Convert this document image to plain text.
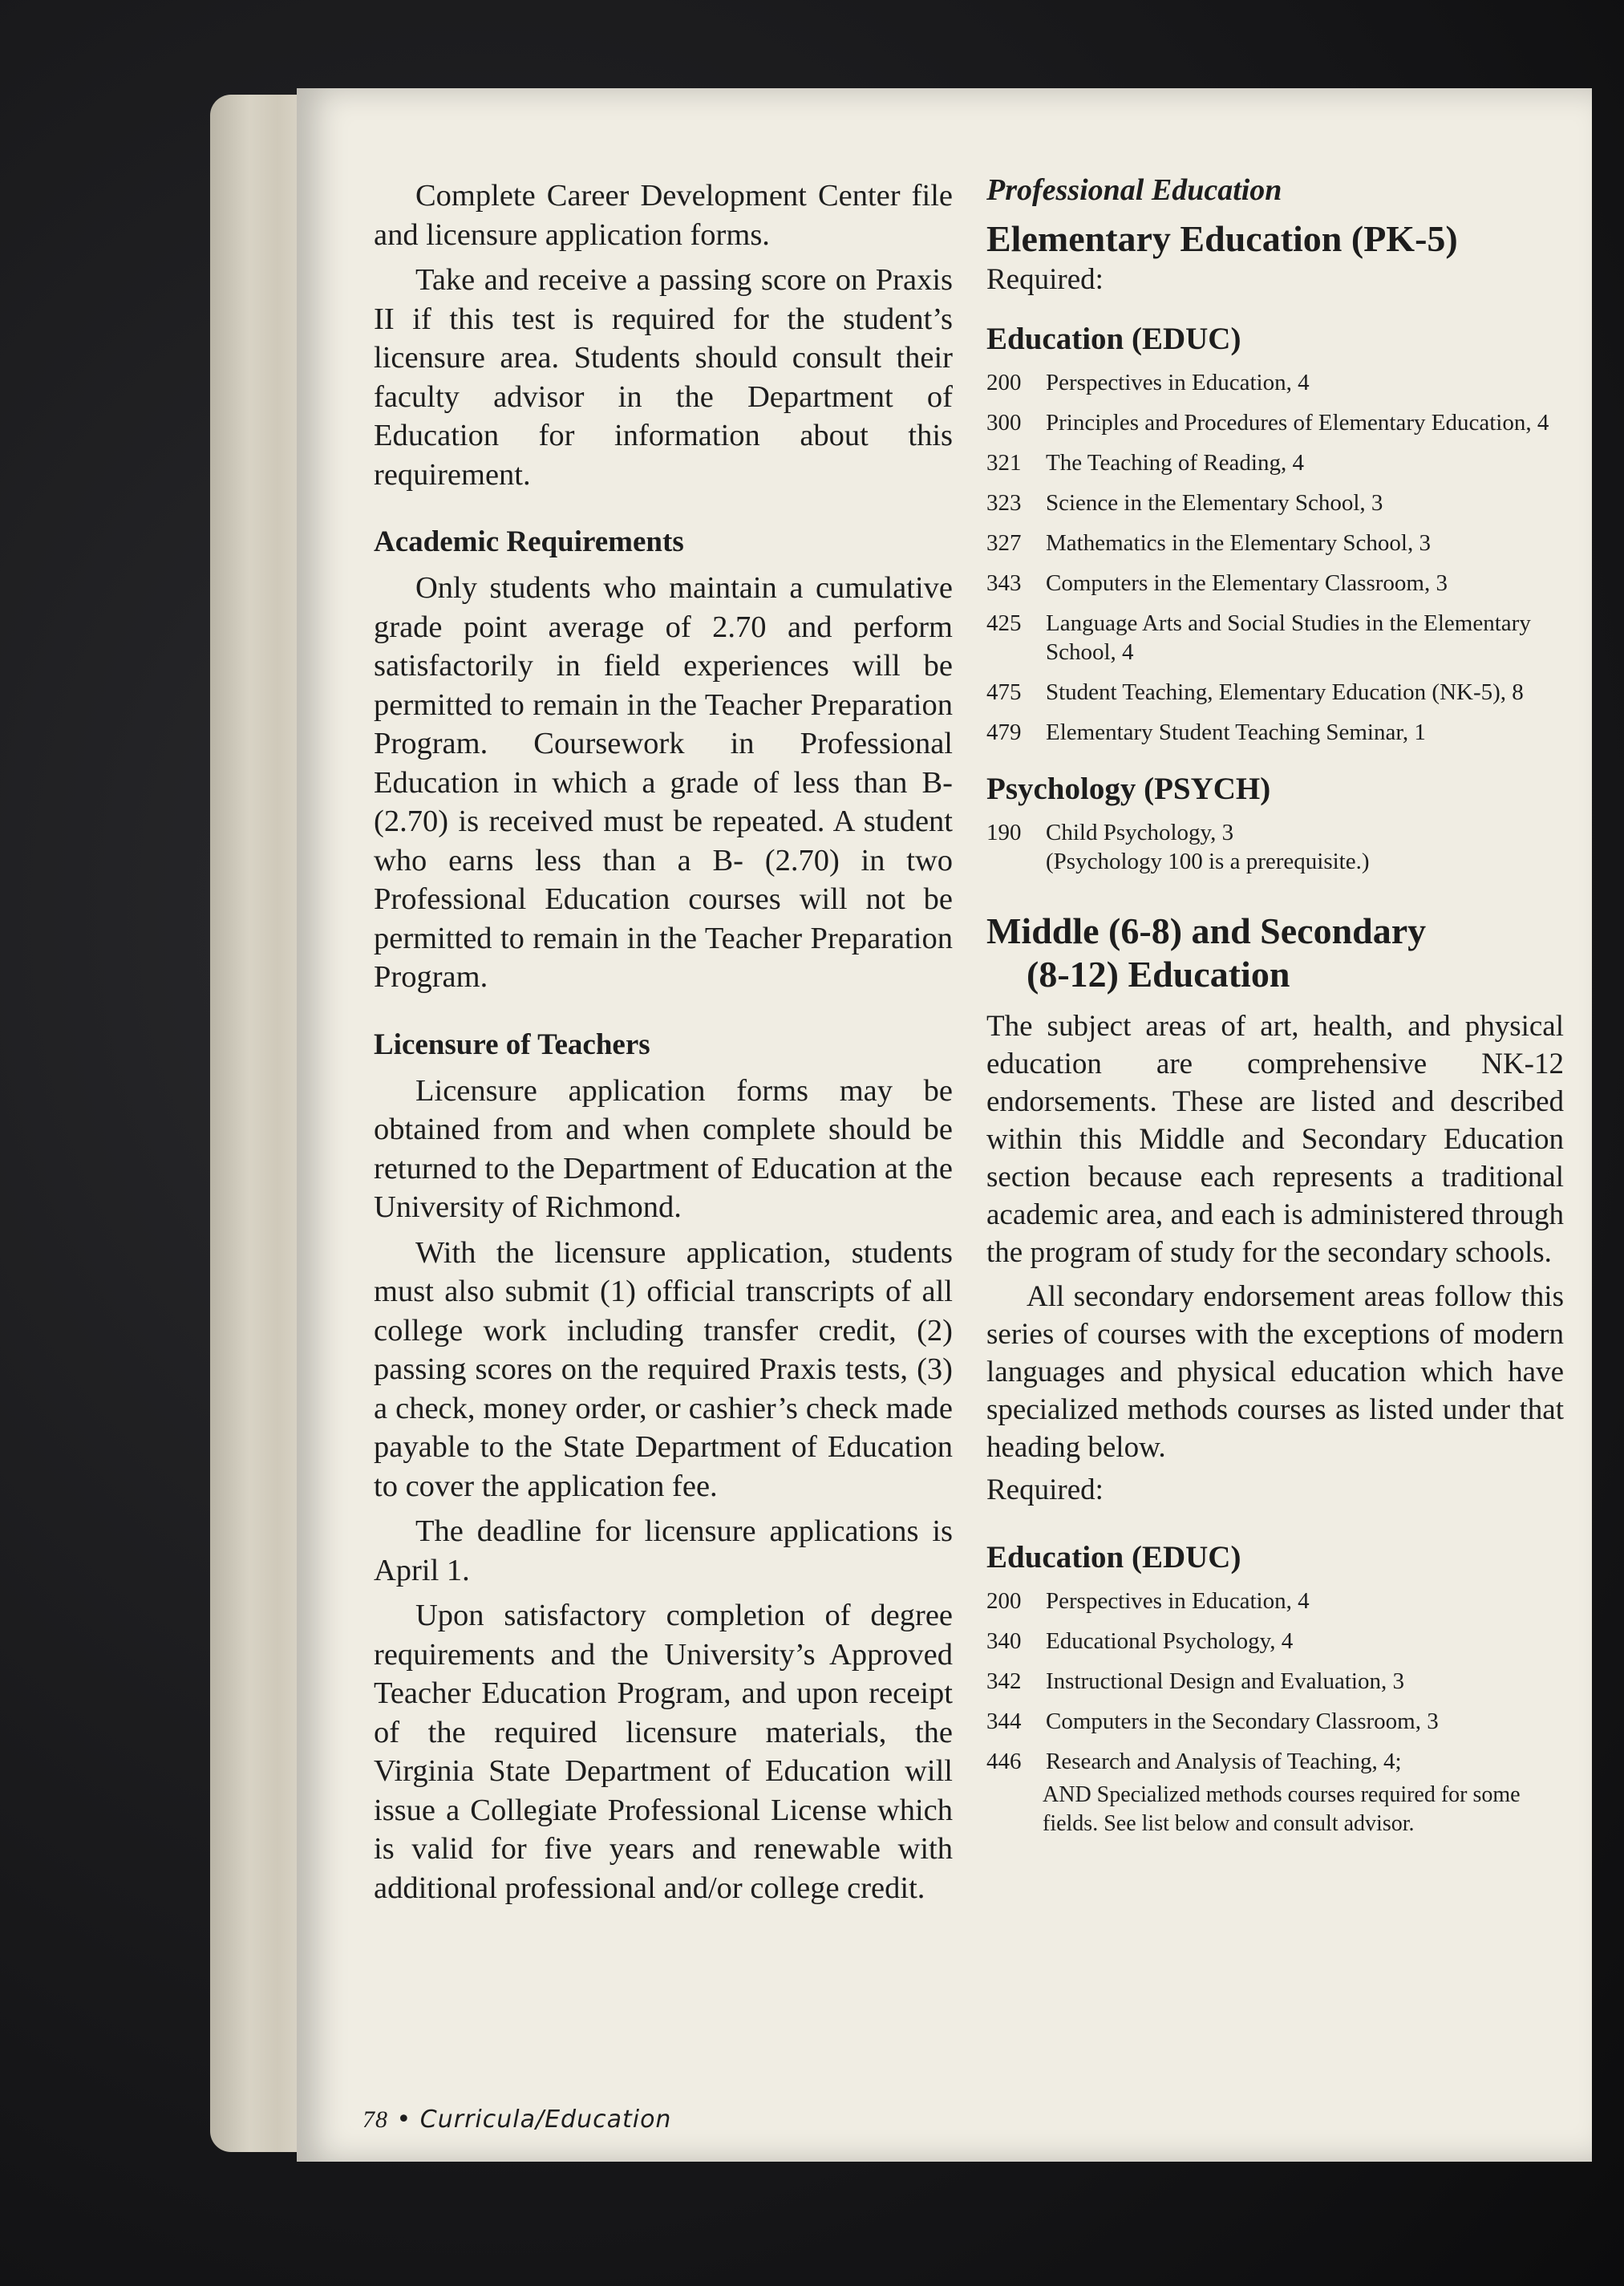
Complete Career Development Center file and licensure application forms.

Take and receive a passing score on Praxis II if this test is required for the student’s licensure area. Students should consult their faculty advisor in the Department of Education for information about this requirement.

Academic Requirements

Only students who maintain a cumulative grade point average of 2.70 and perform satisfactorily in field experiences will be permitted to remain in the Teacher Preparation Program. Coursework in Professional Education in which a grade of less than B- (2.70) is received must be repeated. A student who earns less than a B- (2.70) in two Professional Education courses will not be permitted to remain in the Teacher Preparation Program.

Licensure of Teachers

Licensure application forms may be obtained from and when complete should be returned to the Department of Education at the University of Richmond.

With the licensure application, students must also submit (1) official transcripts of all college work including transfer credit, (2) passing scores on the required Praxis tests, (3) a check, money order, or cashier’s check made payable to the State Department of Education to cover the application fee.

The deadline for licensure applications is April 1.

Upon satisfactory completion of degree requirements and the University’s Approved Teacher Education Program, and upon receipt of the required licensure materials, the Virginia State Department of Education will issue a Collegiate Professional License which is valid for five years and renewable with additional professional and/or college credit.

Professional Education
Elementary Education (PK-5)
Required:
Education (EDUC)
200	Perspectives in Education, 4
300	Principles and Procedures of Elementary Education, 4
321	The Teaching of Reading, 4
323	Science in the Elementary School, 3
327	Mathematics in the Elementary School, 3
343	Computers in the Elementary Classroom, 3
425	Language Arts and Social Studies in the Elementary School, 4
475	Student Teaching, Elementary Education (NK-5), 8
479	Elementary Student Teaching Seminar, 1
Psychology (PSYCH)
190	Child Psychology, 3
(Psychology 100 is a prerequisite.)
Middle (6-8) and Secondary
(8-12) Education

The subject areas of art, health, and physical education are comprehensive NK-12 endorsements. These are listed and described within this Middle and Secondary Education section because each represents a traditional academic area, and each is administered through the program of study for the secondary schools.

All secondary endorsement areas follow this series of courses with the exceptions of modern languages and physical education which have specialized methods courses as listed under that heading below.

Required:
Education (EDUC)
200	Perspectives in Education, 4
340	Educational Psychology, 4
342	Instructional Design and Evaluation, 3
344	Computers in the Secondary Classroom, 3
446	Research and Analysis of Teaching, 4;
AND Specialized methods courses required for some fields. See list below and consult advisor.
78 • Curricula/Education
